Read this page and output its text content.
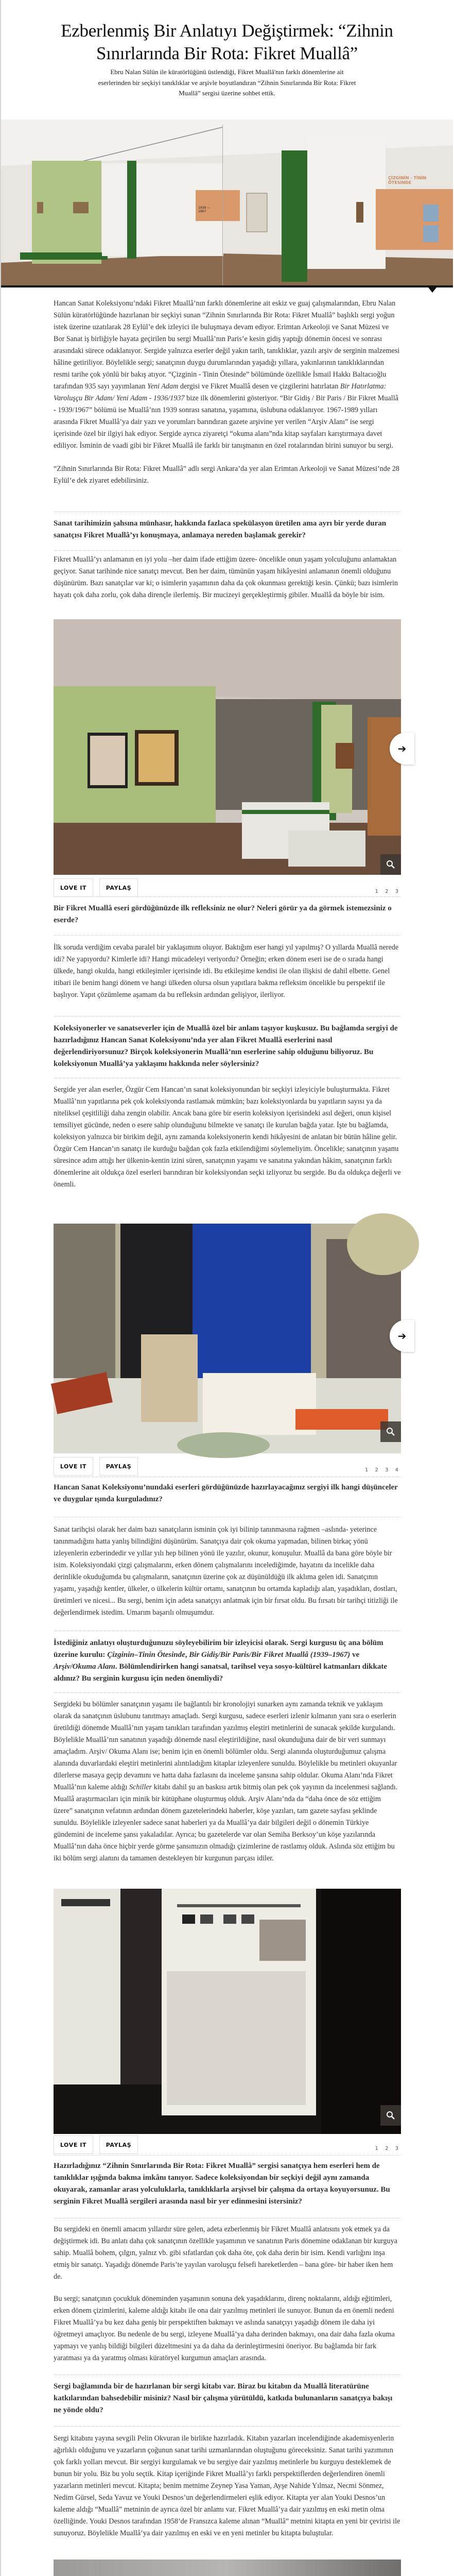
Ezberlenmiş Bir Anlatıyı Değiştirmek: “Zihnin Sınırlarında Bir Rota: Fikret Muallâ”

Ebru Nalan Sülün ile küratörlüğünü üstlendiği, Fikret Muallâ'nın farklı dönemlerine ait eserlerinden bir seçkiyi tanıklıklar ve arşivle boyutlandıran “Zihnin Sınırlarında Bir Rota: Fikret Muallâ” sergisi üzerine sohbet ettik.

ÇİZGİNİN - TİNİN ÖTESİNDE
1939 — 1967

Hancan Sanat Koleksiyonu’ndaki Fikret Muallâ’nın farklı dönemlerine ait eskiz ve guaj çalışmalarından, Ebru Nalan Sülün küratörlüğünde hazırlanan bir seçkiyi sunan “Zihnin Sınırlarında Bir Rota: Fikret Muallâ” başlıklı sergi yoğun istek üzerine uzatılarak 28 Eylül’e dek izleyici ile buluşmaya devam ediyor. Erimtan Arkeoloji ve Sanat Müzesi ve Bor Sanat iş birliğiyle hayata geçirilen bu sergi Muallâ’nın Paris’e kesin gidiş yaptığı dönemin öncesi ve sonrası arasındaki sürece odaklanıyor. Sergide yalnızca eserler değil yakın tarih, tanıklıklar, yazılı arşiv de serginin malzemesi hâline getiriliyor. Böylelikle sergi; sanatçının duygu durumlarından yaşadığı yıllara, yakınlarının tanıklıklarından resmi tarihe çok yönlü bir bakış atıyor. “Çizginin - Tinin Ötesinde” bölümünde özellikle İsmail Hakkı Baltacıoğlu tarafından 935 sayı yayımlanan Yeni Adam dergisi ve Fikret Muallâ desen ve çizgilerini hatırlatan Bir Hatırlatma: Varoluşçu Bir Adam/ Yeni Adam - 1936/1937 bize ilk dönemlerini gösteriyor. “Bir Gidiş / Bir Paris / Bir Fikret Muallâ - 1939/1967” bölümü ise Muallâ’nın 1939 sonrası sanatına, yaşamına, üslubuna odaklanıyor. 1967-1989 yılları arasında Fikret Muallâ’ya dair yazı ve yorumları barındıran gazete arşivine yer verilen “Arşiv Alanı” ise sergi içerisinde özel bir ilgiyi hak ediyor. Sergide ayrıca ziyaretçi “okuma alanı”nda kitap sayfaları karıştırmaya davet ediliyor. İsminin de vaadi gibi bir Fikret Muallâ ile farklı bir tanışmanın en özel rotalarından birini sunuyor bu sergi.

“Zihnin Sınırlarında Bir Rota: Fikret Muallâ” adlı sergi Ankara’da yer alan Erimtan Arkeoloji ve Sanat Müzesi’nde 28 Eylül’e dek ziyaret edebilirsiniz.

Sanat tarihimizin şahsına münhasır, hakkında fazlaca spekülasyon üretilen ama ayrı bir yerde duran sanatçısı Fikret Muallâ’yı konuşmaya, anlamaya nereden başlamak gerekir?

Fikret Muallâ’yı anlamanın en iyi yolu –her daim ifade ettiğim üzere- öncelikle onun yaşam yolculuğunu anlamaktan geçiyor. Sanat tarihinde nice sanatçı mevcut. Ben her daim, tümünün yaşam hikâyesini anlamanın önemli olduğunu düşünürüm. Bazı sanatçılar var ki; o isimlerin yaşamının daha da çok okunması gerektiği kesin. Çünkü; bazı isimlerin hayatı çok daha zorlu, çok daha dirençle ilerlemiş. Bir mucizeyi gerçekleştirmiş gibiler. Muallâ da böyle bir isim.

➔
LOVE IT	PAYLAŞ
1 2 3

Bir Fikret Muallâ eseri gördüğünüzde ilk refleksiniz ne olur? Neleri görür ya da görmek istemezsiniz o eserde?

İlk soruda verdiğim cevaba paralel bir yaklaşımım oluyor. Baktığım eser hangi yıl yapılmış? O yıllarda Muallâ nerede idi? Ne yapıyordu? Kimlerle idi? Hangi mücadeleyi veriyordu? Örneğin; erken dönem eseri ise de o sırada hangi ülkede, hangi okulda, hangi etkileşimler içerisinde idi. Bu etkileşime kendisi ile olan ilişkisi de dahil elbette. Genel itibari ile benim hangi dönem ve hangi ülkeden olursa olsun yapıtlara bakma refleksim öncelikle bu perspektif ile başlıyor. Yapıt çözümleme aşamam da bu refleksin ardından gelişiyor, ilerliyor.

Koleksiyonerler ve sanatseverler için de Muallâ özel bir anlam taşıyor kuşkusuz. Bu bağlamda sergiyi de hazırladığınız Hancan Sanat Koleksiyonu’nda yer alan Fikret Muallâ eserlerini nasıl değerlendiriyorsunuz? Birçok koleksiyonerin Muallâ’nın eserlerine sahip olduğunu biliyoruz. Bu koleksiyonun Muallâ’ya yaklaşımı hakkında neler söylersiniz?

Sergide yer alan eserler, Özgür Cem Hancan’ın sanat koleksiyonundan bir seçkiyi izleyiciyle buluşturmakta. Fikret Muallâ’nın yapıtlarına pek çok koleksiyonda rastlamak mümkün; bazı koleksiyonlarda bu yapıtların sayısı ya da niteliksel çeşitliliği daha zengin olabilir. Ancak bana göre bir eserin koleksiyon içerisindeki asıl değeri, onun kişisel temsiliyet gücünde, neden o esere sahip olunduğunu bilmekte ve sanatçı ile kurulan bağda yatar. İşte bu bağlamda, koleksiyon yalnızca bir birikim değil, aynı zamanda koleksiyonerin kendi hikâyesini de anlatan bir bütün hâline gelir. Özgür Cem Hancan’ın sanatçı ile kurduğu bağdan çok fazla etkilendiğimi söylemeliyim. Öncelikle; sanatçının yaşamı süresince adım attığı her ülkenin-kentin izini süren, sanatçının yaşamı ve sanatına yakından hâkim, sanatçının farklı dönemlerine ait oldukça özel eserleri barındıran bir koleksiyondan seçki izliyoruz bu sergide. Bu da oldukça değerli ve önemli.

➔
LOVE IT	PAYLAŞ
1 2 3 4

Hancan Sanat Koleksiyonu’nundaki eserleri gördüğünüzde hazırlayacağınız sergiyi ilk hangi düşünceler ve duygular ışında kurguladınız?

Sanat tarihçisi olarak her daim bazı sanatçıların isminin çok iyi bilinip tanınmasına rağmen –aslında- yeterince tanınmadığını hatta yanlış bilindiğini düşünürüm. Sanatçıya dair çok okuma yapmadan, bilinen birkaç yönü izleyenlerin ezberindedir ve yıllar yılı hep bilinen yönü ile yazılır, okunur, konuşulur. Muallâ da bana göre böyle bir isim. Koleksiyondaki çizgi çalışmalarını, erken dönem çalışmalarını incelediğimde, hayatını da incelikle daha derinlikle okuduğumda bu çalışmaların, sanatçının üzerine çok az düşünüldüğü ilk aklıma gelen idi. Sanatçının yaşamı, yaşadığı kentler, ülkeler, o ülkelerin kültür ortamı, sanatçının bu ortamda kapladığı alan, yaşadıkları, dostları, üretimleri ve nicesi... Bu sergi, benim için adeta sanatçıyı anlatmak için bir fırsat oldu. Bu fırsatı bir tarihçi titizliği ile değerlendirmek istedim. Umarım başarılı olmuşumdur.

İstediğiniz anlatıyı oluşturduğunuzu söyleyebilirim bir izleyicisi olarak. Sergi kurgusu üç ana bölüm üzerine kurulu: Çizginin–Tinin Ötesinde, Bir Gidiş/Bir Paris/Bir Fikret Muallâ (1939–1967) ve Arşiv/Okuma Alanı. Bölümlendirirken hangi sanatsal, tarihsel veya sosyo-kültürel katmanları dikkate aldınız? Bu serginin kurgusu için neden önemliydi?

Sergideki bu bölümler sanatçının yaşamı ile bağlantılı bir kronolojiyi sunarken aynı zamanda teknik ve yaklaşım olarak da sanatçının üslubunu tanıtmayı amaçladı. Sergi kurgusu, sadece eserleri izlenir kılmanın yanı sıra o eserlerin üretildiği dönemde Muallâ’nın yaşam tanıkları tarafından yazılmış eleştiri metinlerini de sunacak şekilde kurgulandı. Böylelikle Muallâ’nın sanatının yaşadığı dönemde nasıl eleştirildiğine, nasıl okunduğuna dair de bir veri sunmayı amaçladım. Arşiv/ Okuma Alanı ise; benim için en önemli bölümler oldu. Sergi alanında oluşturduğumuz çalışma alanında duvarlardaki eleştiri metinlerini alıntıladığım kitaplar izleyenlere sunuldu. Böylelikle bu metinleri okuyanlar dilerlerse masaya geçip devamını ve hatta daha fazlasını da inceleme şansına sahip oldular. Okuma Alanı’nda Fikret Muallâ’nın kaleme aldığı Schiller kitabı dahil şu an baskısı artık bitmiş olan pek çok yayının da incelenmesi sağlandı. Muallâ araştırmacıları için minik bir kütüphane oluşturmuş olduk. Arşiv Alanı’nda da “daha önce de söz ettiğim üzere” sanatçının vefatının ardından dönem gazetelerindeki haberler, köşe yazıları, tam gazete sayfası şeklinde sunuldu. Böylelikle izleyenler sadece sanat haberleri ya da Muallâ’ya dair bilgileri değil o dönemin Türkiye gündemini de inceleme şansı yakaladılar. Ayrıca; bu gazetelerde var olan Semiha Berksoy’un köşe yazılarında Muallâ’nın daha önce hiçbir yerde görme şansımızın olmadığı çizimlerine de rastlamış olduk. Aslında söz ettiğim bu iki bölüm sergi alanını da tamamen destekleyen bir kurgunun parçası idiler.

LOVE IT	PAYLAŞ
1 2 3

Hazırladığınız “Zihnin Sınırlarında Bir Rota: Fikret Muallâ” sergisi sanatçıya hem eserleri hem de tanıklıklar ışığında bakma imkânı tanıyor. Sadece koleksiyondan bir seçkiyi değil aynı zamanda okuyarak, zamanlar arası yolculuklarla, tanıklıklarla arşivsel bir çalışma da ortaya koyuyorsunuz. Bu serginin Fikret Muallâ sergileri arasında nasıl bir yer edinmesini istersiniz?

Bu sergideki en önemli amacım yıllardır süre gelen, adeta ezberlenmiş bir Fikret Muallâ anlatısını yok etmek ya da değiştirmek idi. Bu anlatı daha çok sanatçının özellikle yaşamının ve sanatının Paris dönemine odaklanan bir kurguya sahip. Muallâ bohem, çılgın, yalnız vb. gibi sıfatlardan çok daha öte, çok daha derin bir isim. Kendi varlığını inşa etmiş bir sanatçı. Yaşadığı dönemde Paris’te yayılan varoluşçu felsefi hareketlerden – bana göre- bir haber iken hem de.

Bu sergi; sanatçının çocukluk döneminden yaşamının sonuna dek yaşadıklarını, direnç noktalarını, aldığı eğitimleri, erken dönem çizimlerini, kaleme aldığı kitabı ile ona dair yazılmış metinleri ile sunuyor. Bunun da en önemli nedeni Fikret Muallâ’ya bu kez daha geniş bir perspektiften bakmayı ve aslında sanatçıyı yaşadığı dönem ile daha iyi öğretmeyi amaçlıyor. Bu nedenle de bu sergi, izleyene Muallâ’ya daha derinden bakmayı, ona dair daha fazla okuma yapmayı ve yanlış bildiği bilgileri düzeltmesini ya da daha da derinleştirmesini öneriyor. Bu bağlamda bir fark yaratması ya da yaratmış olması küratöryel kurgumun amaçları arasında.

Sergi bağlamında bir de hazırlanan bir sergi kitabı var. Biraz bu kitabın da Muallâ literatürüne katkılarından bahsedebilir misiniz? Nasıl bir çalışma yürütüldü, katkıda bulunanların sanatçıya bakışı ne yönde oldu?

Sergi kitabını yayına sevgili Pelin Okvuran ile birlikte hazırladık. Kitabın yazarları incelendiğinde akademisyenlerin ağırlıklı olduğunu ve yazarların çoğunun sanat tarihi uzmanlarından oluştuğunu göreceksiniz. Sanat tarihi yazımının çok farklı yolları mevcut. Bir sergiyi kurgulamak ve bu sergiye dair yazılmış metinlerle bu kurguyu desteklemek de bunun bir yolu. Biz bu yolu seçtik. Kitap içeriğinde Fikret Muallâ’yı farklı perspektiflerden değerlendiren önemli yazarların metinleri mevcut. Kitapta; benim metnime Zeynep Yasa Yaman, Ayşe Nahide Yılmaz, Necmi Sönmez, Nedim Gürsel, Seda Yavuz ve Youki Desnos’un değerlendirmeleri eşlik ediyor. Kitapta yer alan Youki Desnos’un kaleme aldığı “Muallâ” metninin de ayrıca özel bir anlamı var. Fikret Muallâ’ya dair yazılmış en eski metin olma özelliğinde. Youki Desnos tarafından 1958’de Fransızca kaleme alınan “Muallâ” metnini kitapta en yeni bir çevirisi ile sunuyoruz. Böylelikle Muallâ’ya dair yazılmış en eski ve en yeni metinler bu kitapta buluştular.
